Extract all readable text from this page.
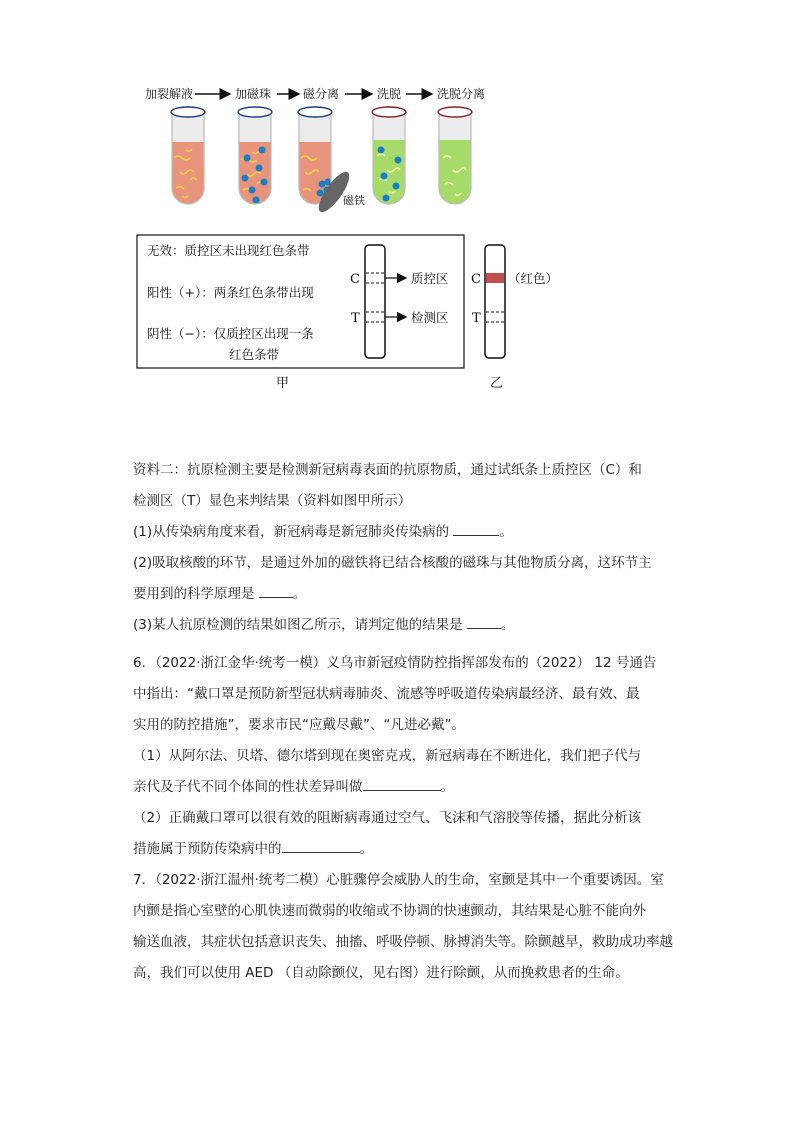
加裂解液	加磁珠	磁分离	洗脱	洗脱分离
磁铁
无效：质控区未出现红色条带
阳性（+）：两条红色条带出现
阴性（−）：仅质控区出现一条
红色条带
C
T
质控区
检测区
C
T
（红色）
甲	乙
资料二：抗原检测主要是检测新冠病毒表面的抗原物质，通过试纸条上质控区（C）和
检测区（T）显色来判结果（资料如图甲所示）
(1)从传染病角度来看，新冠病毒是新冠肺炎传染病的	。
(2)吸取核酸的环节，是通过外加的磁铁将已结合核酸的磁珠与其他物质分离，这环节主
要用到的科学原理是	。
(3)某人抗原检测的结果如图乙所示，请判定他的结果是	。
6．（2022·浙江金华·统考一模）义乌市新冠疫情防控指挥部发布的（2022） 12 号通告
中指出：“戴口罩是预防新型冠状病毒肺炎、流感等呼吸道传染病最经济、最有效、最
实用的防控措施”，要求市民“应戴尽戴”、“凡进必戴”。
（1）从阿尔法、贝塔、德尔塔到现在奥密克戎，新冠病毒在不断进化，我们把子代与
亲代及子代不同个体间的性状差异叫做	。
（2）正确戴口罩可以很有效的阻断病毒通过空气、飞沫和气溶胶等传播，据此分析该
措施属于预防传染病中的	。
7．（2022·浙江温州·统考二模）心脏骤停会威胁人的生命，室颤是其中一个重要诱因。室
内颤是指心室壁的心肌快速而微弱的收缩或不协调的快速颤动，其结果是心脏不能向外
输送血液，其症状包括意识丧失、抽搐、呼吸停顿、脉搏消失等。除颤越早，救助成功率越
高，我们可以使用 AED （自动除颤仪，见右图）进行除颤，从而挽救患者的生命。
